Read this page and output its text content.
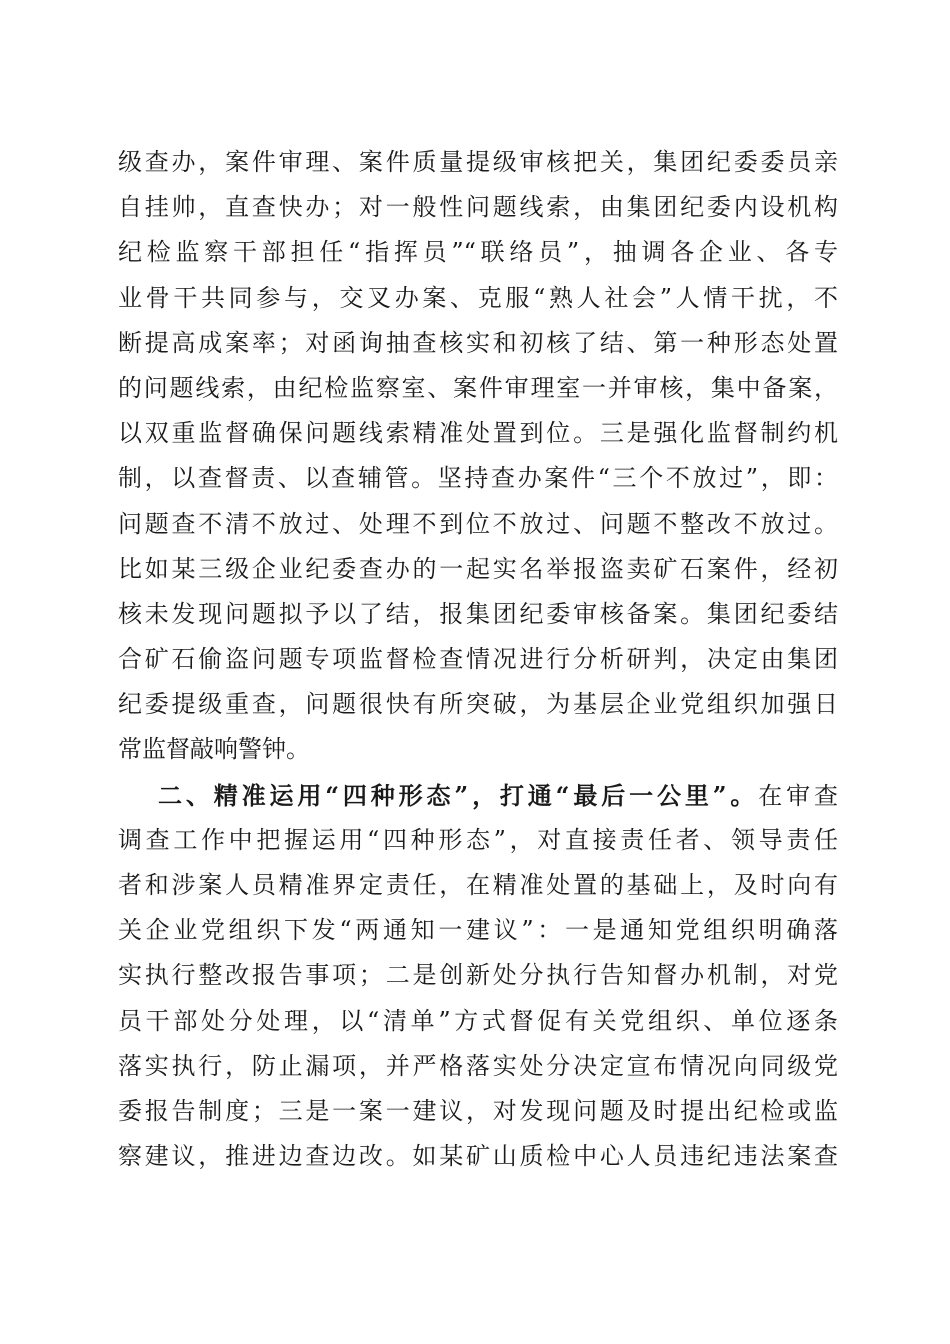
级查办，案件审理、案件质量提级审核把关，集团纪委委员亲
自挂帅，直查快办；对一般性问题线索，由集团纪委内设机构
纪检监察干部担任“指挥员”“联络员”，抽调各企业、各专
业骨干共同参与，交叉办案、克服“熟人社会”人情干扰，不
断提高成案率；对函询抽查核实和初核了结、第一种形态处置
的问题线索，由纪检监察室、案件审理室一并审核，集中备案，
以双重监督确保问题线索精准处置到位。三是强化监督制约机
制，以查督责、以查辅管。坚持查办案件“三个不放过”，即：
问题查不清不放过、处理不到位不放过、问题不整改不放过。
比如某三级企业纪委查办的一起实名举报盗卖矿石案件，经初
核未发现问题拟予以了结，报集团纪委审核备案。集团纪委结
合矿石偷盗问题专项监督检查情况进行分析研判，决定由集团
纪委提级重查，问题很快有所突破，为基层企业党组织加强日
常监督敲响警钟。
二、精准运用“四种形态”，打通“最后一公里”。在审查
调查工作中把握运用“四种形态”，对直接责任者、领导责任
者和涉案人员精准界定责任，在精准处置的基础上，及时向有
关企业党组织下发“两通知一建议”：一是通知党组织明确落
实执行整改报告事项；二是创新处分执行告知督办机制，对党
员干部处分处理，以“清单”方式督促有关党组织、单位逐条
落实执行，防止漏项，并严格落实处分决定宣布情况向同级党
委报告制度；三是一案一建议，对发现问题及时提出纪检或监
察建议，推进边查边改。如某矿山质检中心人员违纪违法案查
